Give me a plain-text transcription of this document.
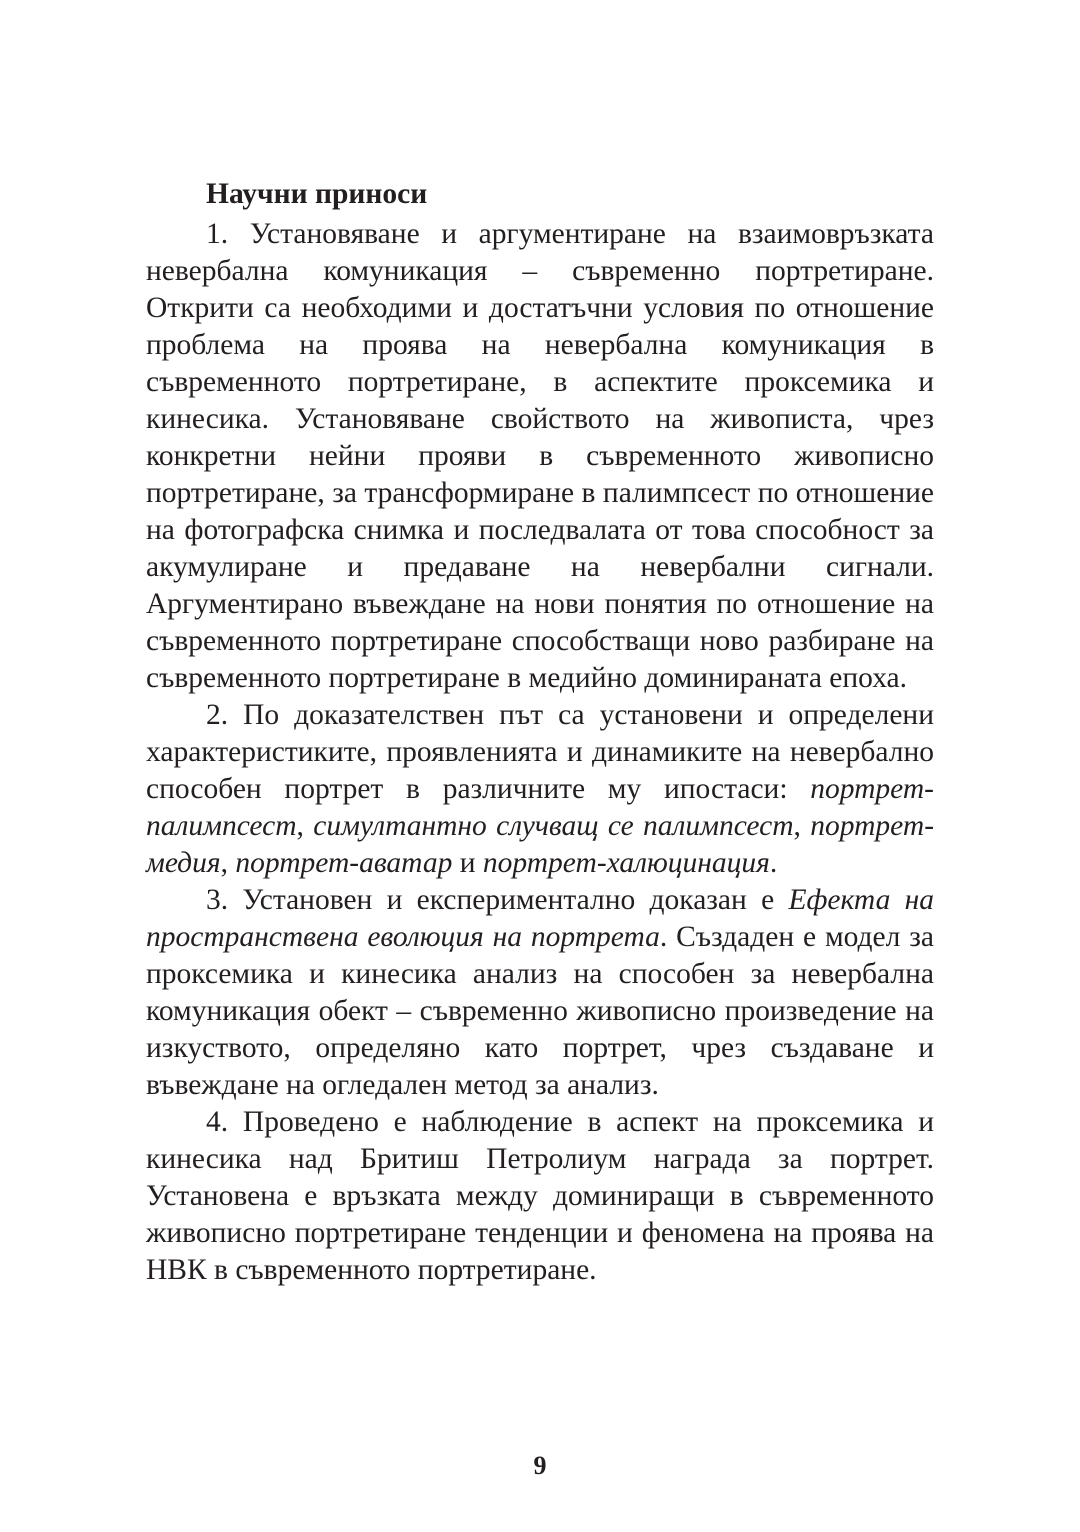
Научни приноси

1. Установяване и аргументиране на взаимовръзката невербална комуникация – съвременно портретиране. Открити са необходими и достатъчни условия по отношение проблема на проява на невербална комуникация в съвременното портретиране, в аспектите проксемика и кинесика. Установяване свойството на живописта, чрез конкретни нейни прояви в съвременното живописно портретиране, за трансформиране в палимпсест по отношение на фотографска снимка и последвалата от това способност за акумулиране и предаване на невербални сигнали. Аргументирано въвеждане на нови понятия по отношение на съвременното портретиране способстващи ново разбиране на съвременното портретиране в медийно доминираната епоха.

2. По доказателствен път са установени и определени характеристиките, проявленията и динамиките на невербално способен портрет в различните му ипостаси: портрет-палимпсест, симултантно случващ се палимпсест, портрет-медия, портрет-аватар и портрет-халюцинация.

3. Установен и експериментално доказан е Ефекта на пространствена еволюция на портрета. Създаден е модел за проксемика и кинесика анализ на способен за невербална комуникация обект – съвременно живописно произведение на изкуството, определяно като портрет, чрез създаване и въвеждане на огледален метод за анализ.

4. Проведено е наблюдение в аспект на проксемика и кинесика над Бритиш Петролиум награда за портрет. Установена е връзката между доминиращи в съвременното живописно портретиране тенденции и феномена на проява на НВК в съвременното портретиране.

9
